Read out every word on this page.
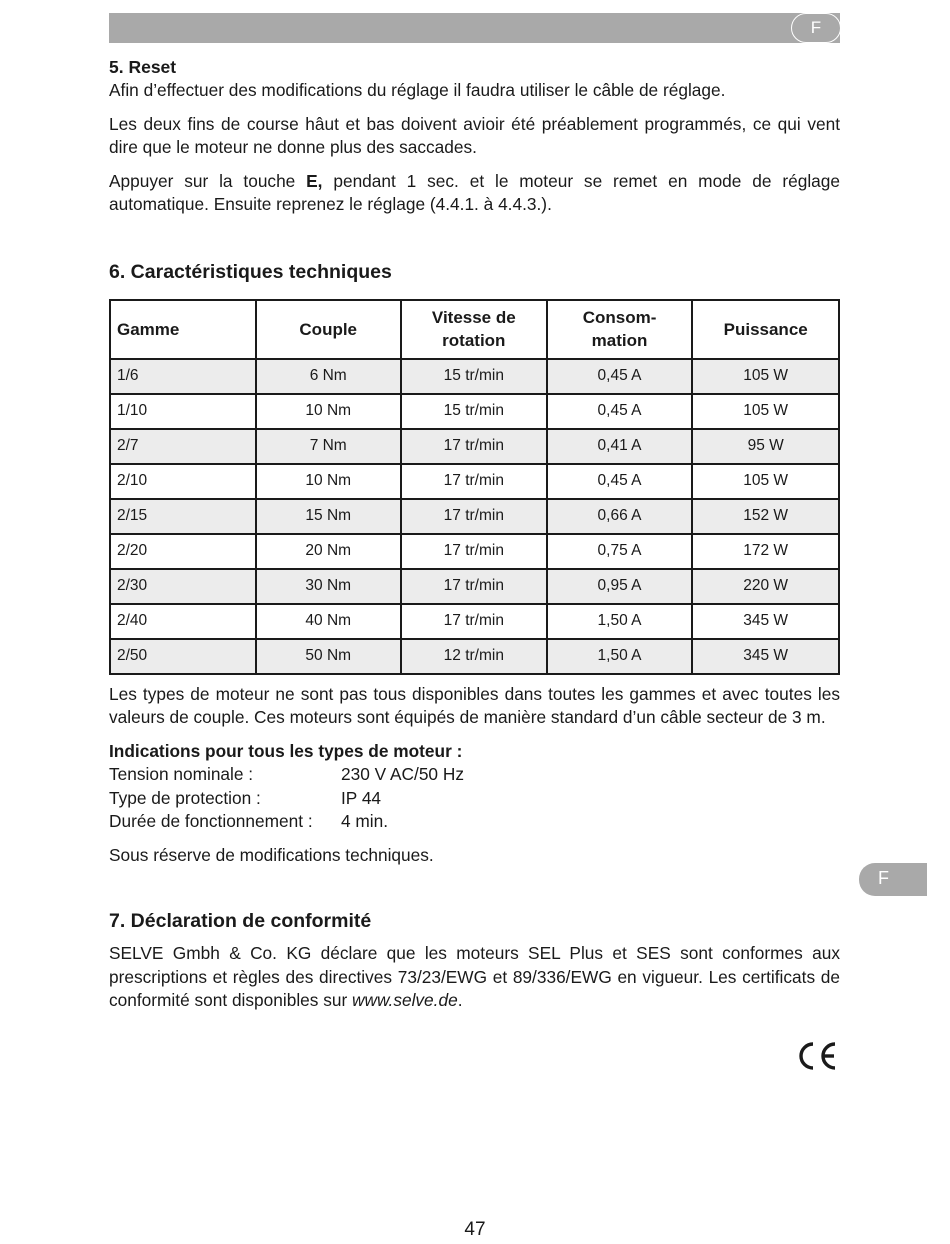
F
F
5. Reset

Afin d’effectuer des modifications du réglage il faudra utiliser le câble de réglage.

Les deux fins de course hâut et bas doivent avioir été préablement programmés, ce qui vent dire que le moteur ne donne plus des saccades.

Appuyer sur la touche E, pendant 1 sec. et le moteur se remet en mode de réglage automatique. Ensuite reprenez le réglage (4.4.1. à 4.4.3.).

6. Caractéristiques techniques
Gamme	Couple	Vitesse de rotation	Consom-mation	Puissance
1/6	6 Nm	15 tr/min	0,45 A	105 W
1/10	10 Nm	15 tr/min	0,45 A	105 W
2/7	7 Nm	17 tr/min	0,41 A	95 W
2/10	10 Nm	17 tr/min	0,45 A	105 W
2/15	15 Nm	17 tr/min	0,66 A	152 W
2/20	20 Nm	17 tr/min	0,75 A	172 W
2/30	30 Nm	17 tr/min	0,95 A	220 W
2/40	40 Nm	17 tr/min	1,50 A	345 W
2/50	50 Nm	12 tr/min	1,50 A	345 W

Les types de moteur ne sont pas tous disponibles dans toutes les gammes et avec toutes les valeurs de couple. Ces moteurs sont équipés de manière standard d’un câble secteur de 3 m.

Indications pour tous les types de moteur :
Tension nominale :	230 V AC/50 Hz
Type de protection :	IP 44
Durée de fonctionnement :	4 min.

Sous réserve de modifications techniques.

7. Déclaration de conformité

SELVE Gmbh & Co. KG déclare que les moteurs SEL Plus et SES sont conformes aux prescriptions et règles des directives 73/23/EWG et 89/336/EWG en vigueur. Les certificats de conformité sont disponibles sur www.selve.de.

47
